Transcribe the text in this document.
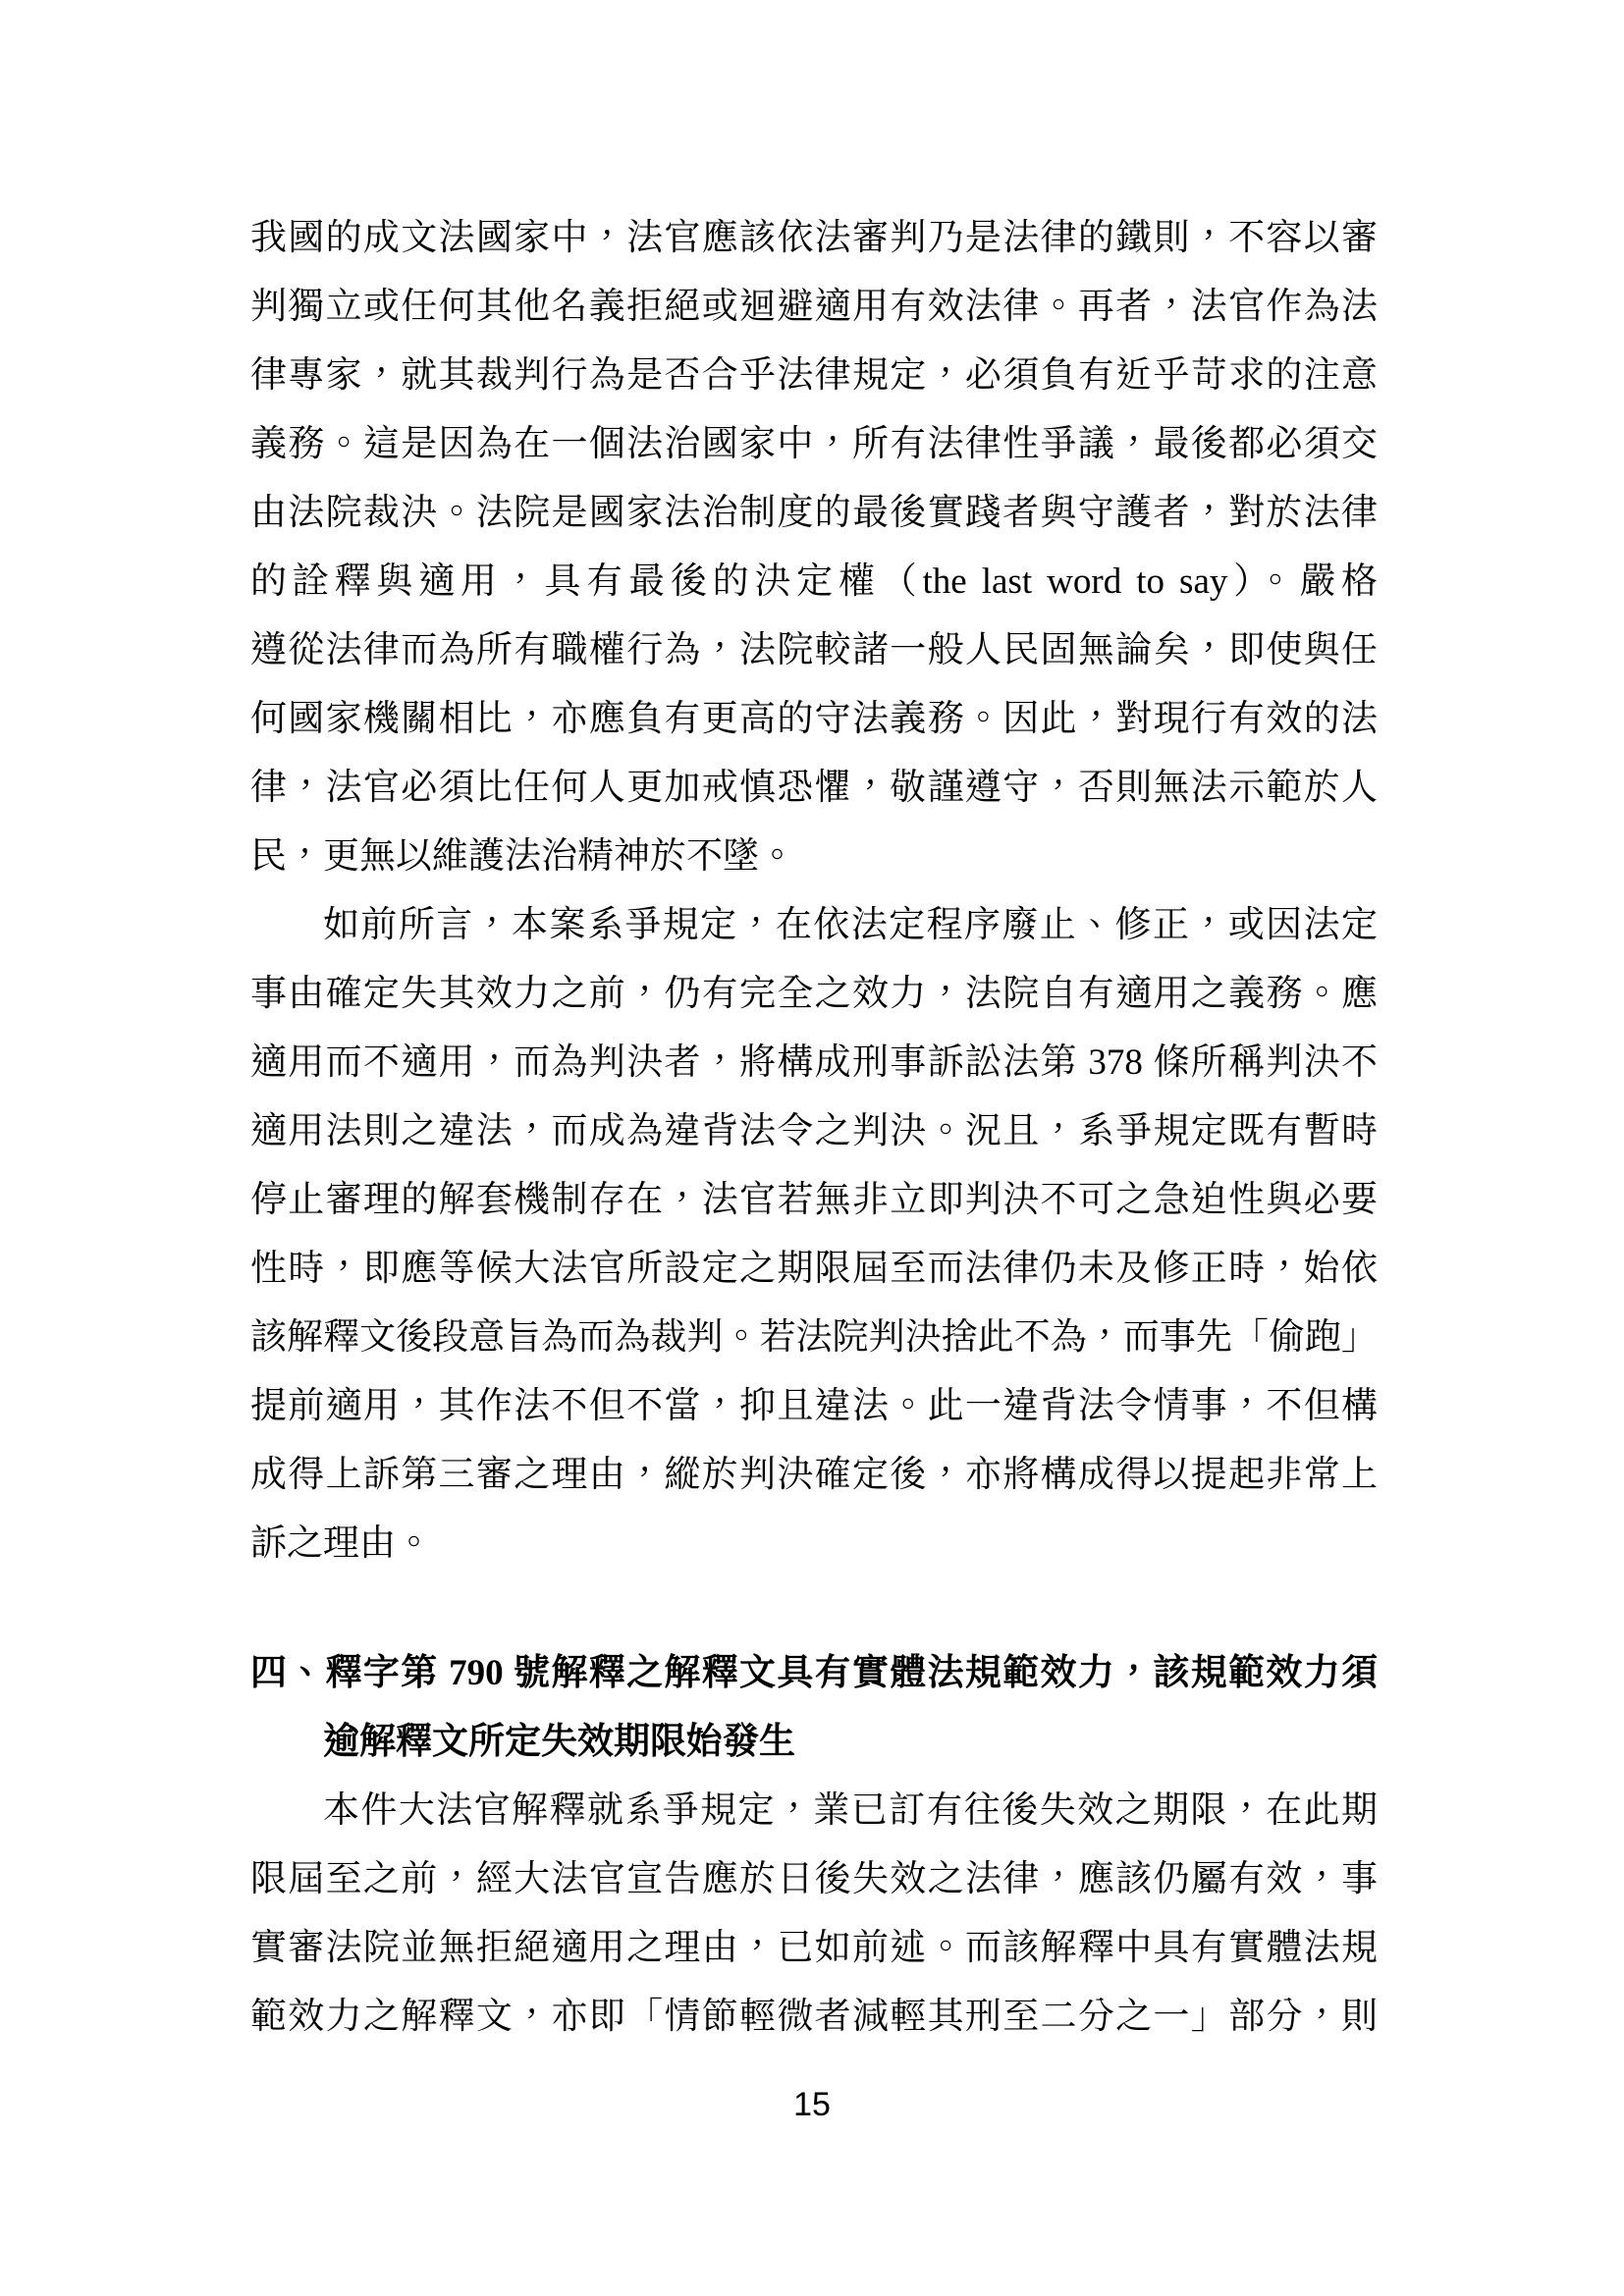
我國的成文法國家中，法官應該依法審判乃是法律的鐵則，不容以審
判獨立或任何其他名義拒絕或迴避適用有效法律。再者，法官作為法
律專家，就其裁判行為是否合乎法律規定，必須負有近乎苛求的注意
義務。這是因為在一個法治國家中，所有法律性爭議，最後都必須交
由法院裁決。法院是國家法治制度的最後實踐者與守護者，對於法律
的詮釋與適用，具有最後的決定權（the last word to say）。嚴格
遵從法律而為所有職權行為，法院較諸一般人民固無論矣，即使與任
何國家機關相比，亦應負有更高的守法義務。因此，對現行有效的法
律，法官必須比任何人更加戒慎恐懼，敬謹遵守，否則無法示範於人
民，更無以維護法治精神於不墜。
如前所言，本案系爭規定，在依法定程序廢止、修正，或因法定
事由確定失其效力之前，仍有完全之效力，法院自有適用之義務。應
適用而不適用，而為判決者，將構成刑事訴訟法第 378 條所稱判決不
適用法則之違法，而成為違背法令之判決。況且，系爭規定既有暫時
停止審理的解套機制存在，法官若無非立即判決不可之急迫性與必要
性時，即應等候大法官所設定之期限屆至而法律仍未及修正時，始依
該解釋文後段意旨為而為裁判。若法院判決捨此不為，而事先「偷跑」
提前適用，其作法不但不當，抑且違法。此一違背法令情事，不但構
成得上訴第三審之理由，縱於判決確定後，亦將構成得以提起非常上
訴之理由。
四、釋字第 790 號解釋之解釋文具有實體法規範效力，該規範效力須
逾解釋文所定失效期限始發生
本件大法官解釋就系爭規定，業已訂有往後失效之期限，在此期
限屆至之前，經大法官宣告應於日後失效之法律，應該仍屬有效，事
實審法院並無拒絕適用之理由，已如前述。而該解釋中具有實體法規
範效力之解釋文，亦即「情節輕微者減輕其刑至二分之一」部分，則
15
